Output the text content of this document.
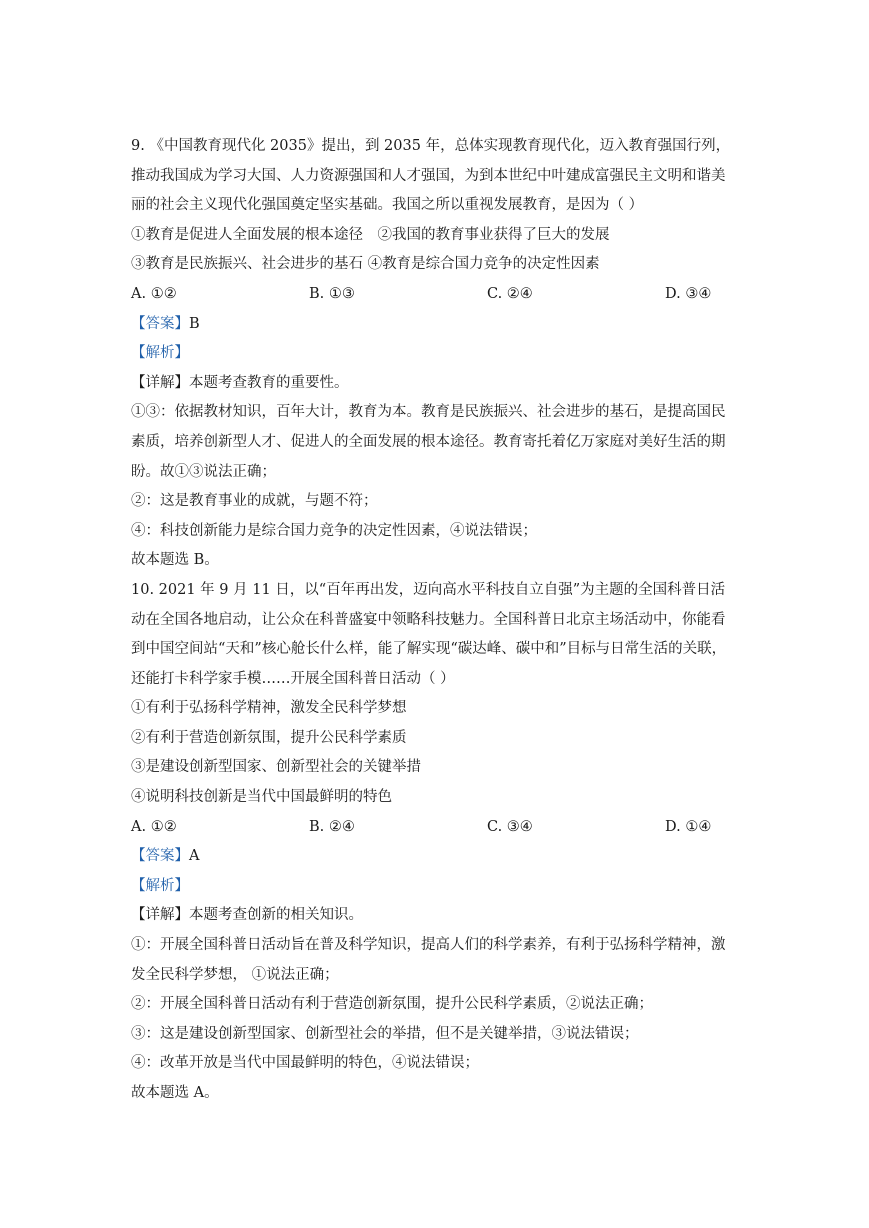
9. 《中国教育现代化 2035》提出，到 2035 年，总体实现教育现代化，迈入教育强国行列，推动我国成为学习大国、人力资源强国和人才强国，为到本世纪中叶建成富强民主文明和谐美丽的社会主义现代化强国奠定坚实基础。我国之所以重视发展教育，是因为（ ）

①教育是促进人全面发展的根本途径　②我国的教育事业获得了巨大的发展

③教育是民族振兴、社会进步的基石 ④教育是综合国力竞争的决定性因素

A. ①②	B. ①③	C. ②④	D. ③④

【答案】B

【解析】

【详解】本题考查教育的重要性。

①③：依据教材知识，百年大计，教育为本。教育是民族振兴、社会进步的基石，是提高国民素质，培养创新型人才、促进人的全面发展的根本途径。教育寄托着亿万家庭对美好生活的期盼。故①③说法正确；

②：这是教育事业的成就，与题不符；

④：科技创新能力是综合国力竞争的决定性因素，④说法错误；

故本题选 B。

10. 2021 年 9 月 11 日，以“百年再出发，迈向高水平科技自立自强”为主题的全国科普日活动在全国各地启动，让公众在科普盛宴中领略科技魅力。全国科普日北京主场活动中，你能看到中国空间站“天和”核心舱长什么样，能了解实现“碳达峰、碳中和”目标与日常生活的关联，还能打卡科学家手模……开展全国科普日活动（ ）

①有利于弘扬科学精神，激发全民科学梦想

②有利于营造创新氛围，提升公民科学素质

③是建设创新型国家、创新型社会的关键举措

④说明科技创新是当代中国最鲜明的特色

A. ①②	B. ②④	C. ③④	D. ①④

【答案】A

【解析】

【详解】本题考查创新的相关知识。

①：开展全国科普日活动旨在普及科学知识，提高人们的科学素养，有利于弘扬科学精神，激发全民科学梦想， ①说法正确；

②：开展全国科普日活动有利于营造创新氛围，提升公民科学素质，②说法正确；

③：这是建设创新型国家、创新型社会的举措，但不是关键举措，③说法错误；

④：改革开放是当代中国最鲜明的特色，④说法错误；

故本题选 A。
